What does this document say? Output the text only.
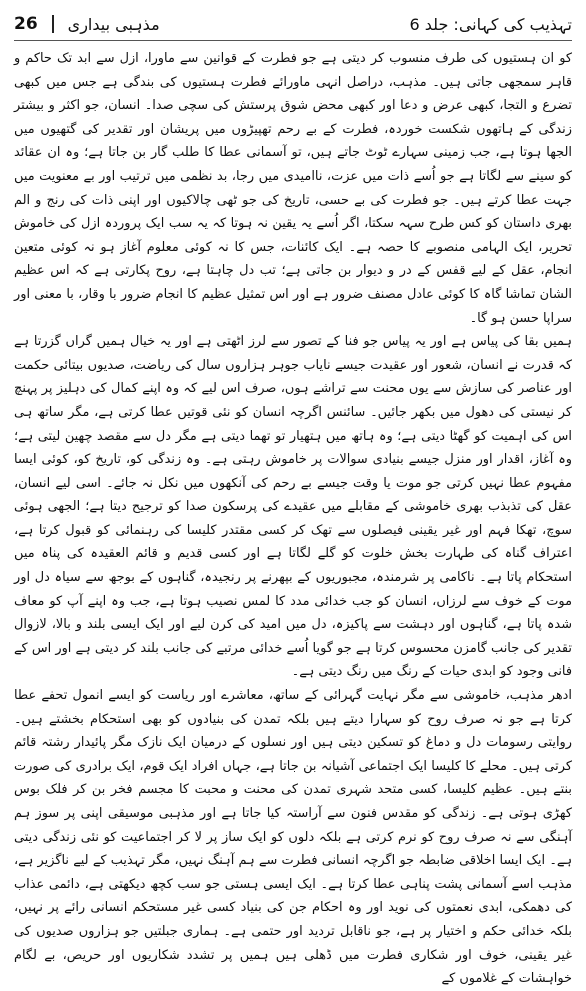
تہذیب کی کہانی: جلد 6
26 مذہبی بیداری

کو ان ہستیوں کی طرف منسوب کر دیتی ہے جو فطرت کے قوانین سے ماورا، ازل سے ابد تک حاکم و قاہر سمجھی جاتی ہیں۔ مذہب، دراصل انہی ماورائے فطرت ہستیوں کی بندگی ہے جس میں کبھی تضرع و التجا، کبھی عرض و دعا اور کبھی محض شوق پرستش کی سچی صدا۔ انسان، جو اکثر و بیشتر زندگی کے ہاتھوں شکست خوردہ، فطرت کے بے رحم تھپیڑوں میں پریشان اور تقدیر کی گتھیوں میں الجھا ہوتا ہے، جب زمینی سہارے ٹوٹ جاتے ہیں، تو آسمانی عطا کا طلب گار بن جاتا ہے؛ وہ ان عقائد کو سینے سے لگاتا ہے جو اُسے ذات میں عزت، ناامیدی میں رجا، بد نظمی میں ترتیب اور بے معنویت میں جہت عطا کرتے ہیں۔ جو فطرت کی بے حسی، تاریخ کی جو ٹھی چالاکیوں اور اپنی ذات کی رنج و الم بھری داستان کو کس طرح سہہ سکتا، اگر اُسے یہ یقین نہ ہوتا کہ یہ سب ایک پروردہ ازل کی خاموش تحریر، ایک الہامی منصوبے کا حصہ ہے۔ ایک کائنات، جس کا نہ کوئی معلوم آغاز ہو نہ کوئی متعین انجام، عقل کے لیے قفس کے در و دیوار بن جاتی ہے؛ تب دل چاہتا ہے، روح پکارتی ہے کہ اس عظیم الشان تماشا گاہ کا کوئی عادل مصنف ضرور ہے اور اس تمثیل عظیم کا انجام ضرور با وقار، با معنی اور سراپا حسن ہو گا۔

ہمیں بقا کی پیاس ہے اور یہ پیاس جو فنا کے تصور سے لرز اٹھتی ہے اور یہ خیال ہمیں گراں گزرتا ہے کہ قدرت نے انسان، شعور اور عقیدت جیسے نایاب جوہر ہزاروں سال کی ریاضت، صدیوں بیتائی حکمت اور عناصر کی سازش سے یوں محنت سے تراشے ہوں، صرف اس لیے کہ وہ اپنے کمال کی دہلیز پر پہنچ کر نیستی کی دھول میں بکھر جائیں۔ سائنس اگرچہ انسان کو نئی قوتیں عطا کرتی ہے، مگر ساتھ ہی اس کی اہمیت کو گھٹا دیتی ہے؛ وہ ہاتھ میں ہتھیار تو تھما دیتی ہے مگر دل سے مقصد چھین لیتی ہے؛ وہ آغاز، اقدار اور منزل جیسے بنیادی سوالات پر خاموش رہتی ہے۔ وہ زندگی کو، تاریخ کو، کوئی ایسا مفہوم عطا نہیں کرتی جو موت یا وقت جیسے بے رحم کی آنکھوں میں نکل نہ جائے۔ اسی لیے انسان، عقل کی تذبذب بھری خاموشی کے مقابلے میں عقیدے کی پرسکون صدا کو ترجیح دیتا ہے؛ الجھی ہوئی سوچ، تھکا فہم اور غیر یقینی فیصلوں سے تھک کر کسی مقتدر کلیسا کی رہنمائی کو قبول کرتا ہے، اعتراف گناہ کی طہارت بخش خلوت کو گلے لگاتا ہے اور کسی قدیم و قائم العقیدہ کی پناہ میں استحکام پاتا ہے۔ ناکامی پر شرمندہ، مجبوریوں کے بپھرنے پر رنجیدہ، گناہوں کے بوجھ سے سیاہ دل اور موت کے خوف سے لرزاں، انسان کو جب خدائی مدد کا لمس نصیب ہوتا ہے، جب وہ اپنے آپ کو معاف شدہ پاتا ہے، گناہوں اور دہشت سے پاکیزہ، دل میں امید کی کرن لیے اور ایک ایسی بلند و بالا، لازوال تقدیر کی جانب گامزن محسوس کرتا ہے جو گویا اُسے خدائی مرتبے کی جانب بلند کر دیتی ہے اور اس کے فانی وجود کو ابدی حیات کے رنگ میں رنگ دیتی ہے۔

ادھر مذہب، خاموشی سے مگر نہایت گہرائی کے ساتھ، معاشرے اور ریاست کو ایسے انمول تحفے عطا کرتا ہے جو نہ صرف روح کو سہارا دیتے ہیں بلکہ تمدن کی بنیادوں کو بھی استحکام بخشتے ہیں۔ روایتی رسومات دل و دماغ کو تسکین دیتی ہیں اور نسلوں کے درمیان ایک نازک مگر پائیدار رشتہ قائم کرتی ہیں۔ محلے کا کلیسا ایک اجتماعی آشیانہ بن جاتا ہے، جہاں افراد ایک قوم، ایک برادری کی صورت بنتے ہیں۔ عظیم کلیسا، کسی متحد شہری تمدن کی محنت و محبت کا مجسم فخر بن کر فلک بوس کھڑی ہوتی ہے۔ زندگی کو مقدس فنون سے آراستہ کیا جاتا ہے اور مذہبی موسیقی اپنی پر سوز ہم آہنگی سے نہ صرف روح کو نرم کرتی ہے بلکہ دلوں کو ایک ساز پر لا کر اجتماعیت کو نئی زندگی دیتی ہے۔ ایک ایسا اخلاقی ضابطہ جو اگرچہ انسانی فطرت سے ہم آہنگ نہیں، مگر تہذیب کے لیے ناگزیر ہے، مذہب اسے آسمانی پشت پناہی عطا کرتا ہے۔ ایک ایسی ہستی جو سب کچھ دیکھتی ہے، دائمی عذاب کی دھمکی، ابدی نعمتوں کی نوید اور وہ احکام جن کی بنیاد کسی غیر مستحکم انسانی رائے پر نہیں، بلکہ خدائی حکم و اختیار پر ہے، جو ناقابل تردید اور حتمی ہے۔ ہماری جبلتیں جو ہزاروں صدیوں کی غیر یقینی، خوف اور شکاری فطرت میں ڈھلی ہیں ہمیں پر تشدد شکاریوں اور حریص، بے لگام خواہشات کے غلاموں کے
